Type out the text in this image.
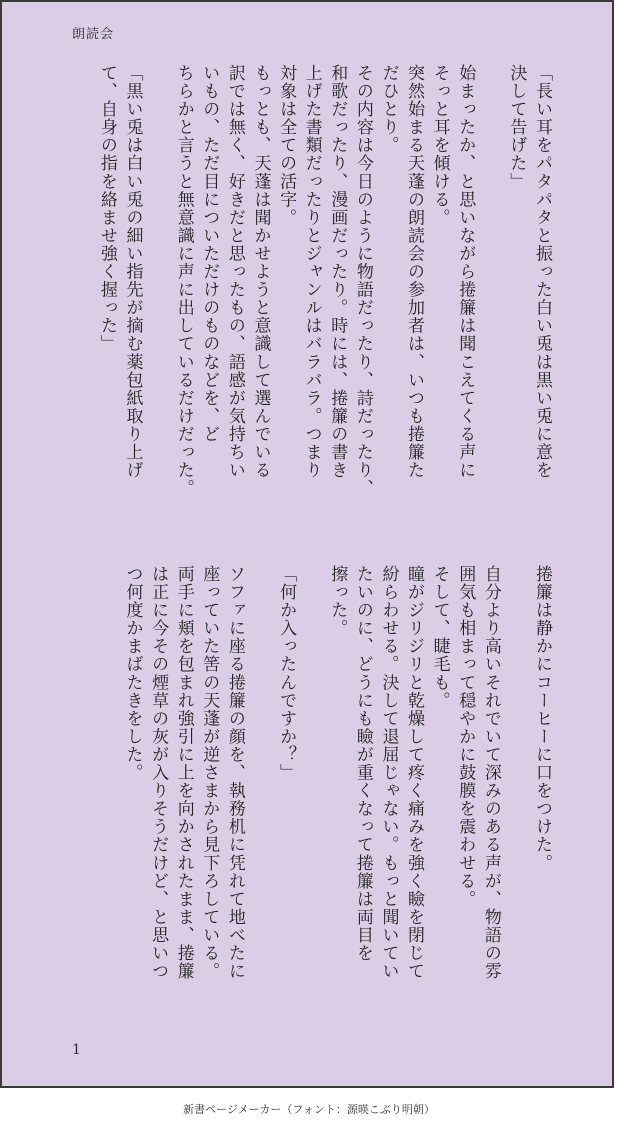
朗読会
「長い耳をパタパタと振った白い兎は黒い兎に意を
決して告げた」

始まったか、と思いながら捲簾は聞こえてくる声に
そっと耳を傾ける。
突然始まる天蓬の朗読会の参加者は、いつも捲簾た
だひとり。
その内容は今日のように物語だったり、詩だったり、
和歌だったり、漫画だったり。時には、捲簾の書き
上げた書類だったりとジャンルはバラバラ。つまり
対象は全ての活字。
もっとも、天蓬は聞かせようと意識して選んでいる
訳では無く、好きだと思ったもの、語感が気持ちい
いもの、ただ目についただけのものなどを、ど
ちらかと言うと無意識に声に出しているだけだった。

「黒い兎は白い兎の細い指先が摘む薬包紙取り上げ
て、自身の指を絡ませ強く握った」
捲簾は静かにコーヒーに口をつけた。

自分より高いそれでいて深みのある声が、物語の雰
囲気も相まって穏やかに鼓膜を震わせる。
そして、睫毛も。
瞳がジリジリと乾燥して疼く痛みを強く瞼を閉じて
紛らわせる。決して退屈じゃない。もっと聞いてい
たいのに、どうにも瞼が重くなって捲簾は両目を
擦った。

「何か入ったんですか？」

ソファに座る捲簾の顔を、執務机に凭れて地べたに
座っていた筈の天蓬が逆さまから見下ろしている。
両手に頬を包まれ強引に上を向かされたまま、捲簾
は正に今その煙草の灰が入りそうだけど、と思いつ
つ何度かまばたきをした。
1
新書ページメーカー（フォント：源暎こぶり明朝）
